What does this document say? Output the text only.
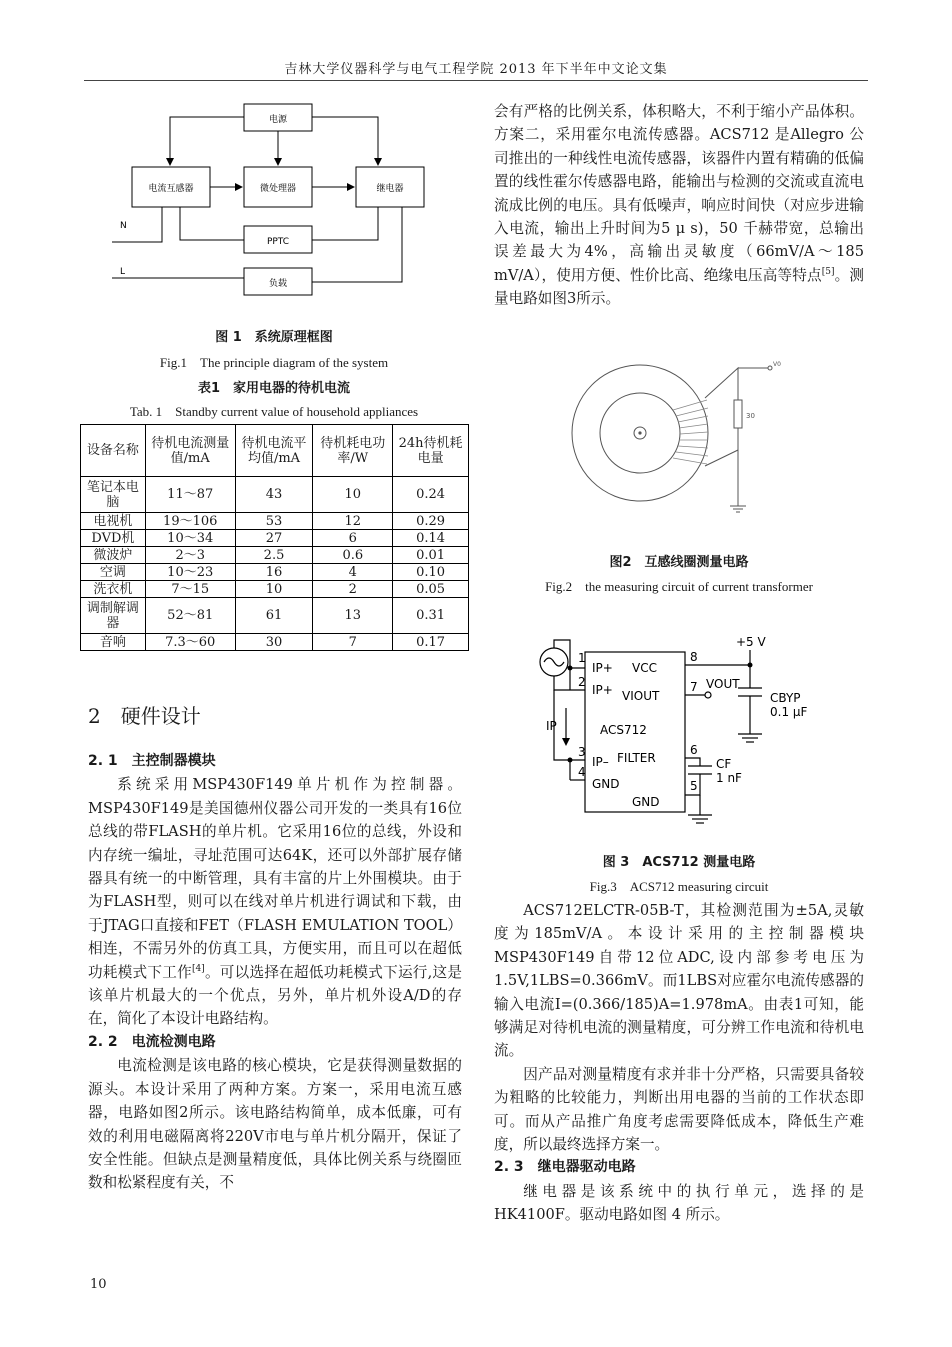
吉林大学仪器科学与电气工程学院 2013 年下半年中文论文集
电源
电流互感器	微处理器	继电器
PPTC
负载
N
L
图 1　系统原理框图
Fig.1　The principle diagram of the system
表1　家用电器的待机电流
Tab. 1　Standby current value of household appliances
设备名称	待机电流测量值/mA	待机电流平均值/mA	待机耗电功率/W	24h待机耗电量
笔记本电脑	11～87	43	10	0.24
电视机	19～106	53	12	0.29
DVD机	10～34	27	6	0.14
微波炉	2～3	2.5	0.6	0.01
空调	10～23	16	4	0.10
洗衣机	7～15	10	2	0.05
调制解调器	52～81	61	13	0.31
音响	7.3～60	30	7	0.17
2　硬件设计
2. 1　主控制器模块

系统采用MSP430F149单片机作为控制器。MSP430F149是美国德州仪器公司开发的一类具有16位总线的带FLASH的单片机。它采用16位的总线，外设和内存统一编址，寻址范围可达64K，还可以外部扩展存储器具有统一的中断管理，具有丰富的片上外围模块。由于为FLASH型，则可以在线对单片机进行调试和下载，由于JTAG口直接和FET（FLASH EMULATION TOOL）相连，不需另外的仿真工具，方便实用，而且可以在超低功耗模式下工作[4]。可以选择在超低功耗模式下运行,这是该单片机最大的一个优点，另外，单片机外设A/D的存在，简化了本设计电路结构。

2. 2　电流检测电路

电流检测是该电路的核心模块，它是获得测量数据的源头。本设计采用了两种方案。方案一，采用电流互感器，电路如图2所示。该电路结构简单，成本低廉，可有效的利用电磁隔离将220V市电与单片机分隔开，保证了安全性能。但缺点是测量精度低，具体比例关系与绕圈匝数和松紧程度有关，不

会有严格的比例关系，体积略大，不利于缩小产品体积。方案二，采用霍尔电流传感器。ACS712 是Allegro 公司推出的一种线性电流传感器，该器件内置有精确的低偏置的线性霍尔传感器电路，能输出与检测的交流或直流电流成比例的电压。具有低噪声，响应时间快（对应步进输入电流，输出上升时间为5 μ s)，50 千赫带宽，总输出误差最大为4%，高输出灵敏度（66mV/A～185 mV/A），使用方便、性价比高、绝缘电压高等特点[5]。测量电路如图3所示。

30
V0
图2　互感线圈测量电路
Fig.2　the measuring circuit of current transformer
IP+
IP+
IP–
GND
GND
FILTER
VIOUT
VCC
ACS712
1
2
3
4
5
6
7
8
+5 V
VOUT
IP
CBYP
0.1 μF
CF
1 nF
图 3　ACS712 测量电路
Fig.3　ACS712 measuring circuit

ACS712ELCTR-05B-T，其检测范围为±5A,灵敏度为185mV/A。本设计采用的主控制器模块MSP430F149自带12位ADC,设内部参考电压为1.5V,1LBS=0.366mV。而1LBS对应霍尔电流传感器的输入电流I=(0.366/185)A=1.978mA。由表1可知，能够满足对待机电流的测量精度，可分辨工作电流和待机电流。

因产品对测量精度有求并非十分严格，只需要具备较为粗略的比较能力，判断出用电器的当前的工作状态即可。而从产品推广角度考虑需要降低成本，降低生产难度，所以最终选择方案一。

2. 3　继电器驱动电路

继电器是该系统中的执行单元，选择的是HK4100F。驱动电路如图 4 所示。

10
